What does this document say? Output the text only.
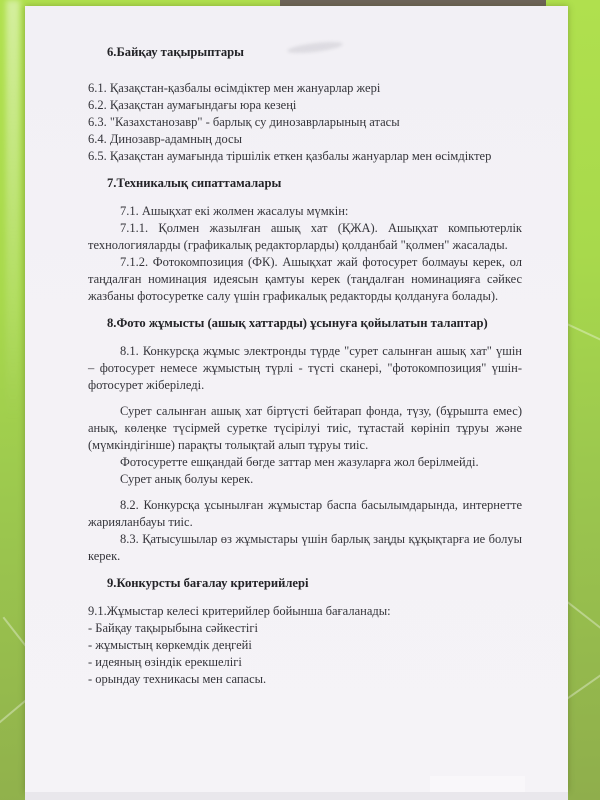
6.Байқау тақырыптары

6.1. Қазақстан-қазбалы өсімдіктер мен жануарлар жері

6.2. Қазақстан аумағындағы юра кезеңі

6.3. "Казахстанозавр" - барлық су динозаврларының атасы

6.4. Динозавр-адамның досы

6.5. Қазақстан аумағында тіршілік еткен қазбалы жануарлар мен өсімдіктер

7.Техникалық сипаттамалары

7.1. Ашықхат екі жолмен жасалуы мүмкін:

7.1.1. Қолмен жазылған ашық хат (ҚЖА). Ашықхат компьютерлік технологияларды (графикалық редакторларды) қолданбай "қолмен" жасалады.

7.1.2. Фотокомпозиция (ФК). Ашықхат жай фотосурет болмауы керек, ол таңдалған номинация идеясын қамтуы керек (таңдалған номинацияға сәйкес жазбаны фотосуретке салу үшін графикалық редакторды қолдануға болады).

8.Фото жұмысты (ашық хаттарды) ұсынуға қойылатын талаптар)

8.1. Конкурсқа жұмыс электронды түрде "сурет салынған ашық хат" үшін – фотосурет немесе жұмыстың түрлі - түсті сканері, "фотокомпозиция" үшін- фотосурет жіберіледі.

Сурет салынған ашық хат біртүсті бейтарап фонда, түзу, (бұрышта емес) анық, көлеңке түсірмей суретке түсірілуі тиіс, тұтастай көрініп тұруы және (мүмкіндігінше) парақты толықтай алып тұруы тиіс.

Фотосуретте ешқандай бөгде заттар мен жазуларға жол берілмейді.

Сурет анық болуы керек.

8.2. Конкурсқа ұсынылған жұмыстар баспа басылымдарында, интернетте жарияланбауы тиіс.

8.3. Қатысушылар өз жұмыстары үшін барлық заңды құқықтарға ие болуы керек.

9.Конкурсты бағалау критерийлері

9.1.Жұмыстар келесі критерийлер бойынша бағаланады:

- Байқау тақырыбына сәйкестігі

- жұмыстың көркемдік деңгейі

- идеяның өзіндік ерекшелігі

- орындау техникасы мен сапасы.
